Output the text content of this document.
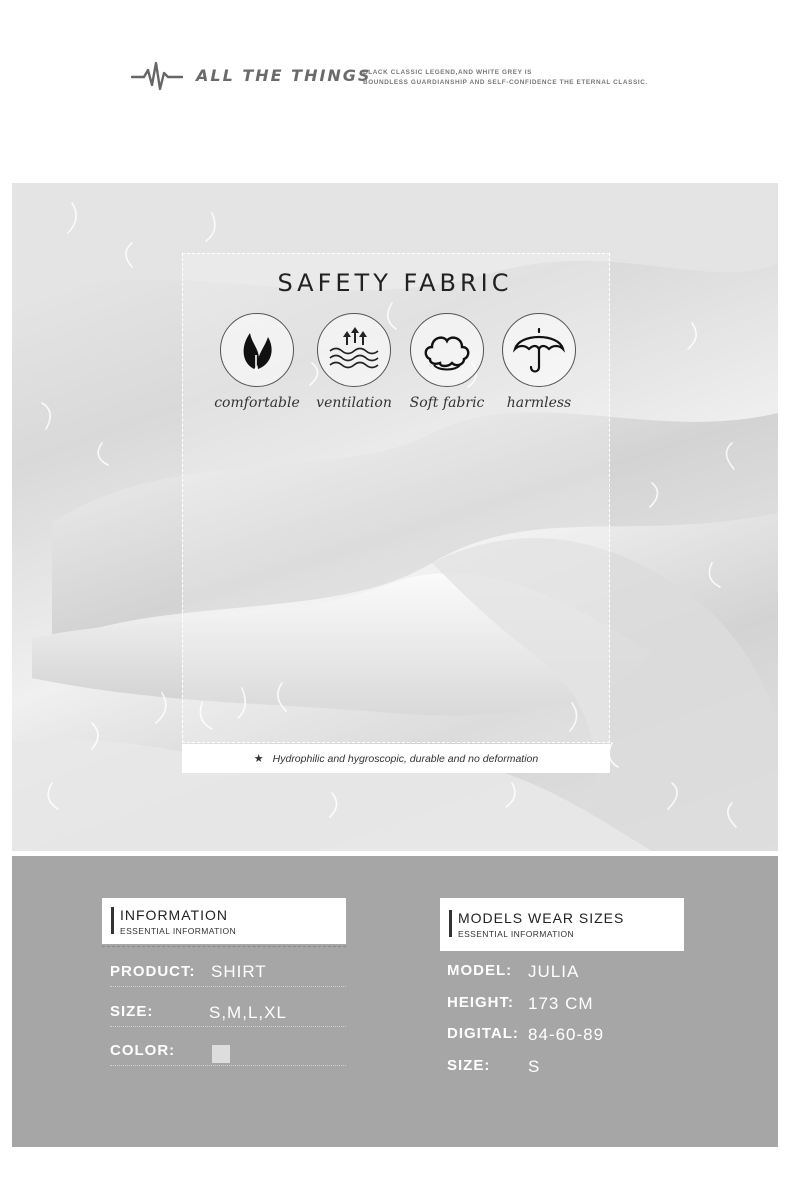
ALL THE THINGS
BLACK CLASSIC LEGEND,AND WHITE GREY IS
BOUNDLESS GUARDIANSHIP AND SELF-CONFIDENCE THE ETERNAL CLASSIC.
SAFETY FABRIC
comfortable	ventilation	Soft fabric	harmless
★ Hydrophilic and hygroscopic, durable and no deformation
INFORMATION
ESSENTIAL INFORMATION
PRODUCT: SHIRT
SIZE:	S,M,L,XL
COLOR:
MODELS WEAR SIZES
ESSENTIAL INFORMATION
MODEL: JULIA
HEIGHT: 173 CM
DIGITAL: 84-60-89
SIZE: S
